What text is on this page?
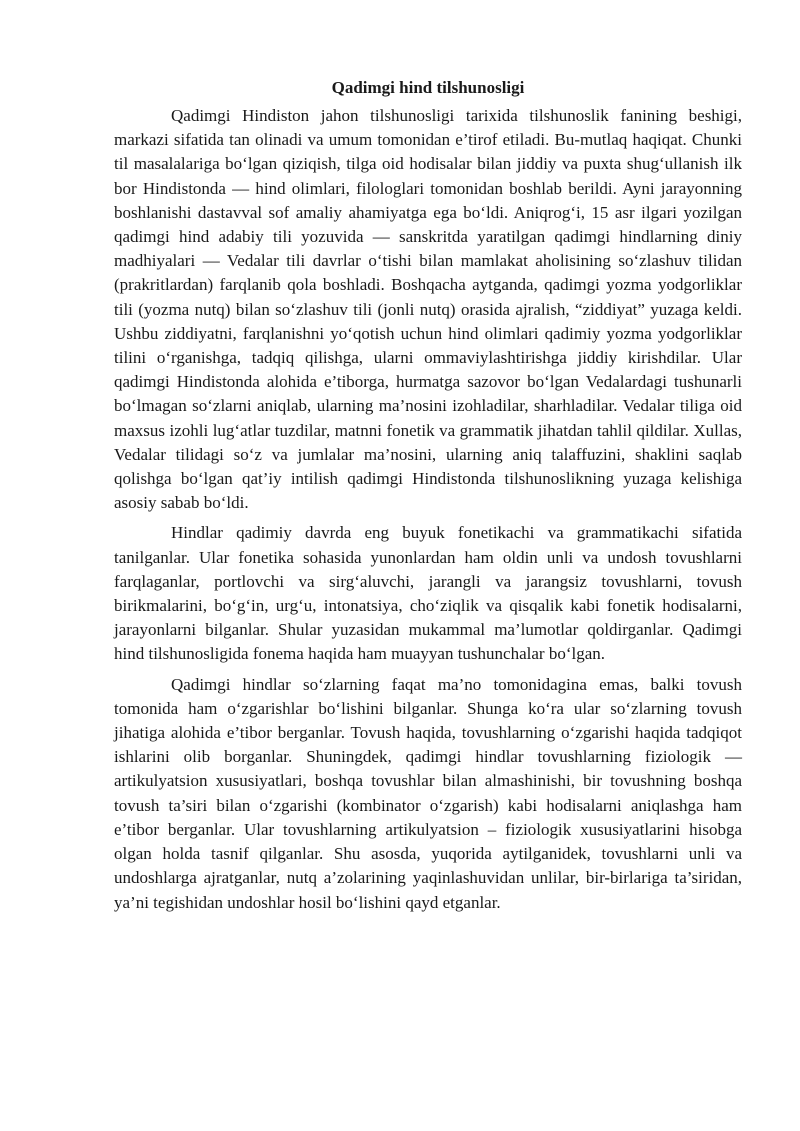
Qadimgi hind tilshunosligi

Qadimgi Hindiston jahon tilshunosligi tarixida tilshunoslik fanining beshigi, markazi sifatida tan olinadi va umum tomonidan e’tirof etiladi. Bu-mutlaq haqiqat. Chunki til masalalariga bo‘lgan qiziqish, tilga oid hodisalar bilan jiddiy va puxta shug‘ullanish ilk bor Hindistonda — hind olimlari, filologlari tomonidan boshlab berildi. Ayni jarayonning boshlanishi dastavval sof amaliy ahamiyatga ega bo‘ldi. Aniqrog‘i, 15 asr ilgari yozilgan qadimgi hind adabiy tili yozuvida — sanskritda yaratilgan qadimgi hindlarning diniy madhiyalari — Vedalar tili davrlar o‘tishi bilan mamlakat aholisining so‘zlashuv tilidan (prakritlardan) farqlanib qola boshladi. Boshqacha aytganda, qadimgi yozma yodgorliklar tili (yozma nutq) bilan so‘zlashuv tili (jonli nutq) orasida ajralish, “ziddiyat” yuzaga keldi. Ushbu ziddiyatni, farqlanishni yo‘qotish uchun hind olimlari qadimiy yozma yodgorliklar tilini o‘rganishga, tadqiq qilishga, ularni ommaviylashtirishga jiddiy kirishdilar. Ular qadimgi Hindistonda alohida e’tiborga, hurmatga sazovor bo‘lgan Vedalardagi tushunarli bo‘lmagan so‘zlarni aniqlab, ularning ma’nosini izohladilar, sharhladilar. Vedalar tiliga oid maxsus izohli lug‘atlar tuzdilar, matnni fonetik va grammatik jihatdan tahlil qildilar. Xullas, Vedalar tilidagi so‘z va jumlalar ma’nosini, ularning aniq talaffuzini, shaklini saqlab qolishga bo‘lgan qat’iy intilish qadimgi Hindistonda tilshunoslikning yuzaga kelishiga asosiy sabab bo‘ldi.

Hindlar qadimiy davrda eng buyuk fonetikachi va grammatikachi sifatida tanilganlar. Ular fonetika sohasida yunonlardan ham oldin unli va undosh tovushlarni farqlaganlar, portlovchi va sirg‘aluvchi, jarangli va jarangsiz tovushlarni, tovush birikmalarini, bo‘g‘in, urg‘u, intonatsiya, cho‘ziqlik va qisqalik kabi fonetik hodisalarni, jarayonlarni bilganlar. Shular yuzasidan mukammal ma’lumotlar qoldirganlar. Qadimgi hind tilshunosligida fonema haqida ham muayyan tushunchalar bo‘lgan.

Qadimgi hindlar so‘zlarning faqat ma’no tomonidagina emas, balki tovush tomonida ham o‘zgarishlar bo‘lishini bilganlar. Shunga ko‘ra ular so‘zlarning tovush jihatiga alohida e’tibor berganlar. Tovush haqida, tovushlarning o‘zgarishi haqida tadqiqot ishlarini olib borganlar. Shuningdek, qadimgi hindlar tovushlarning fiziologik — artikulyatsion xususiyatlari, boshqa tovushlar bilan almashinishi, bir tovushning boshqa tovush ta’siri bilan o‘zgarishi (kombinator o‘zgarish) kabi hodisalarni aniqlashga ham e’tibor berganlar. Ular tovushlarning artikulyatsion – fiziologik xususiyatlarini hisobga olgan holda tasnif qilganlar. Shu asosda, yuqorida aytilganidek, tovushlarni unli va undoshlarga ajratganlar, nutq a’zolarining yaqinlashuvidan unlilar, bir-birlariga ta’siridan, ya’ni tegishidan undoshlar hosil bo‘lishini qayd etganlar.
